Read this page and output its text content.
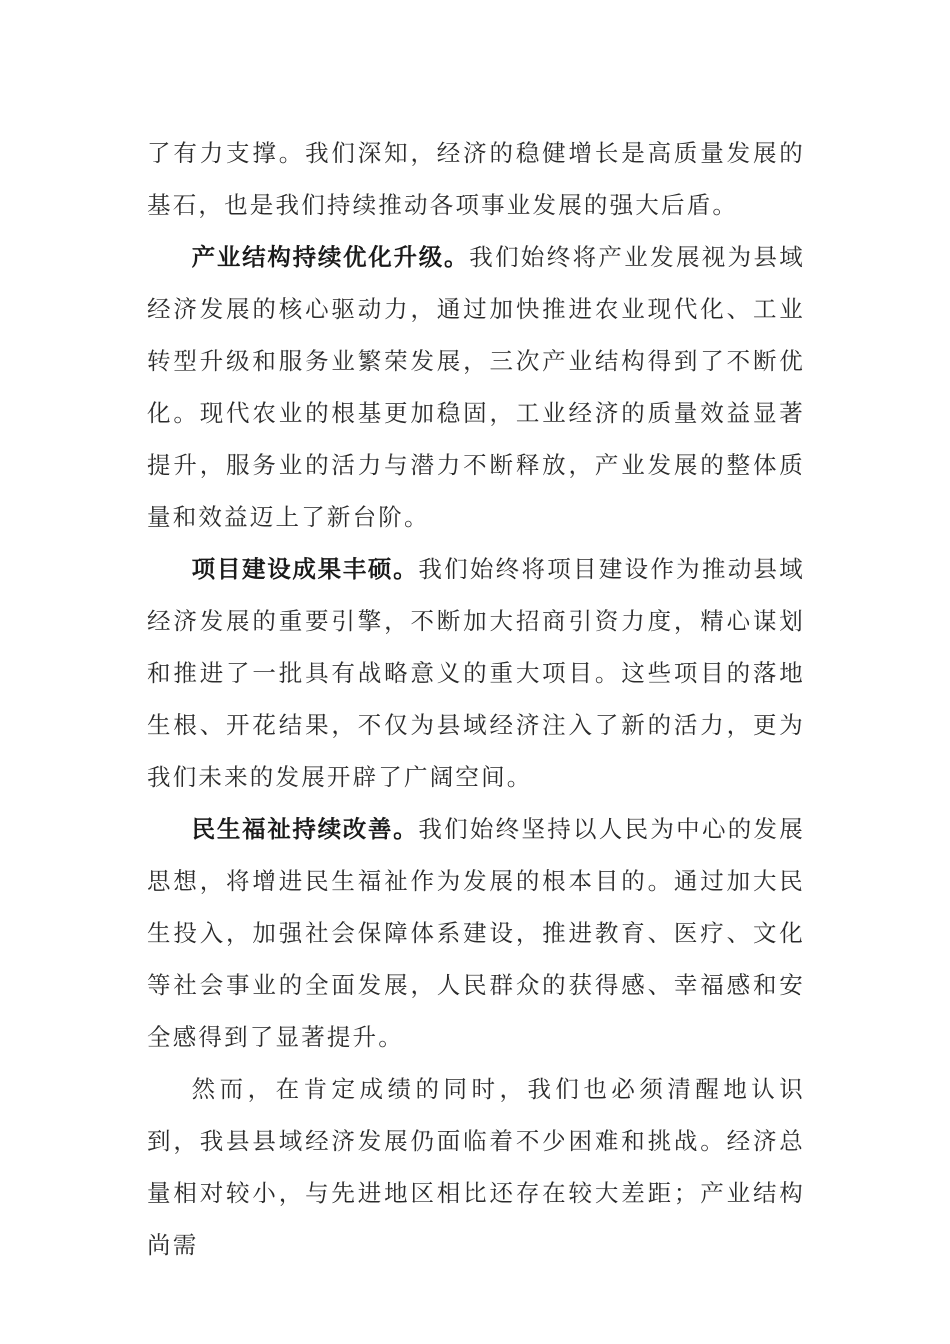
了有力支撑。我们深知，经济的稳健增长是高质量发展的基石，也是我们持续推动各项事业发展的强大后盾。

产业结构持续优化升级。我们始终将产业发展视为县域经济发展的核心驱动力，通过加快推进农业现代化、工业转型升级和服务业繁荣发展，三次产业结构得到了不断优化。现代农业的根基更加稳固，工业经济的质量效益显著提升，服务业的活力与潜力不断释放，产业发展的整体质量和效益迈上了新台阶。

项目建设成果丰硕。我们始终将项目建设作为推动县域经济发展的重要引擎，不断加大招商引资力度，精心谋划和推进了一批具有战略意义的重大项目。这些项目的落地生根、开花结果，不仅为县域经济注入了新的活力，更为我们未来的发展开辟了广阔空间。

民生福祉持续改善。我们始终坚持以人民为中心的发展思想，将增进民生福祉作为发展的根本目的。通过加大民生投入，加强社会保障体系建设，推进教育、医疗、文化等社会事业的全面发展，人民群众的获得感、幸福感和安全感得到了显著提升。

然而，在肯定成绩的同时，我们也必须清醒地认识到，我县县域经济发展仍面临着不少困难和挑战。经济总量相对较小，与先进地区相比还存在较大差距；产业结构尚需
